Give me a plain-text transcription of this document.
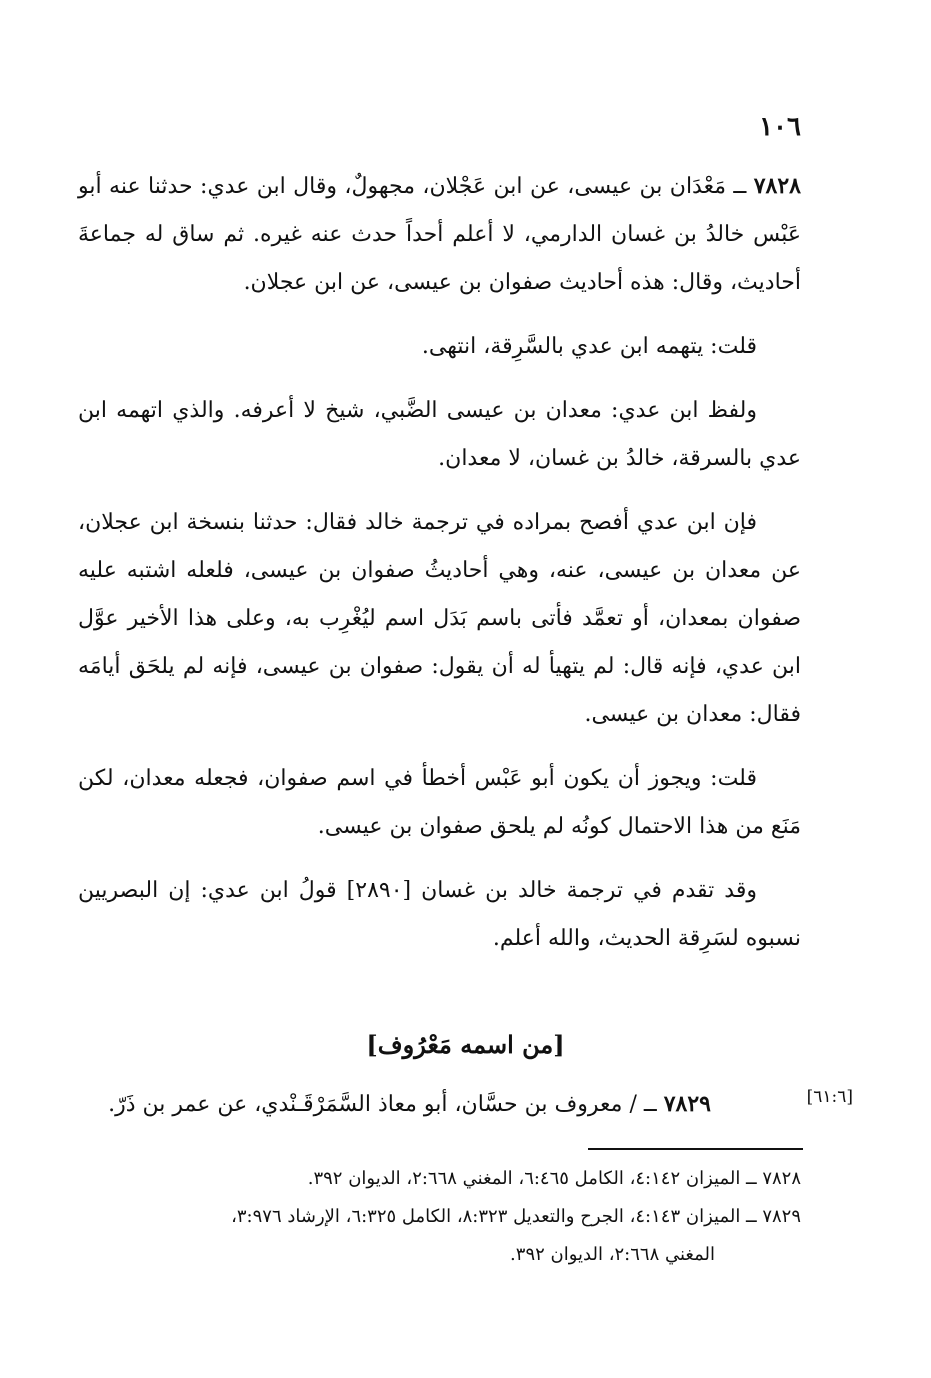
١٠٦

٧٨٢٨ ــ مَعْدَان بن عيسى، عن ابن عَجْلان، مجهولٌ، وقال ابن عدي: حدثنا عنه أبو عَبْس خالدُ بن غسان الدارمي، لا أعلم أحداً حدث عنه غيره. ثم ساق له جماعةَ أحاديث، وقال: هذه أحاديث صفوان بن عيسى، عن ابن عجلان.

قلت: يتهمه ابن عدي بالسَّرِقة، انتهى.

ولفظ ابن عدي: معدان بن عيسى الضَّبي، شيخ لا أعرفه. والذي اتهمه ابن عدي بالسرقة، خالدُ بن غسان، لا معدان.

فإن ابن عدي أفصح بمراده في ترجمة خالد فقال: حدثنا بنسخة ابن عجلان، عن معدان بن عيسى، عنه، وهي أحاديثُ صفوان بن عيسى، فلعله اشتبه عليه صفوان بمعدان، أو تعمَّد فأتى باسم بَدَل اسم ليُغْرِب به، وعلى هذا الأخير عوَّل ابن عدي، فإنه قال: لم يتهيأ له أن يقول: صفوان بن عيسى، فإنه لم يلحَق أيامَه فقال: معدان بن عيسى.

قلت: ويجوز أن يكون أبو عَبْس أخطأ في اسم صفوان، فجعله معدان، لكن مَنَع من هذا الاحتمال كونُه لم يلحق صفوان بن عيسى.

وقد تقدم في ترجمة خالد بن غسان [٢٨٩٠] قولُ ابن عدي: إن البصريين نسبوه لسَرِقة الحديث، والله أعلم.

[من اسمه مَعْرُوف]
٧٨٢٩ ــ / معروف بن حسَّان، أبو معاذ السَّمَرْقَـنْدي، عن عمر بن ذَرّ.	[٦١:٦]

٧٨٢٨ ــ الميزان ٤:١٤٢، الكامل ٦:٤٦٥، المغني ٢:٦٦٨، الديوان ٣٩٢.

٧٨٢٩ ــ الميزان ٤:١٤٣، الجرح والتعديل ٨:٣٢٣، الكامل ٦:٣٢٥، الإرشاد ٣:٩٧٦،

المغني ٢:٦٦٨، الديوان ٣٩٢.
